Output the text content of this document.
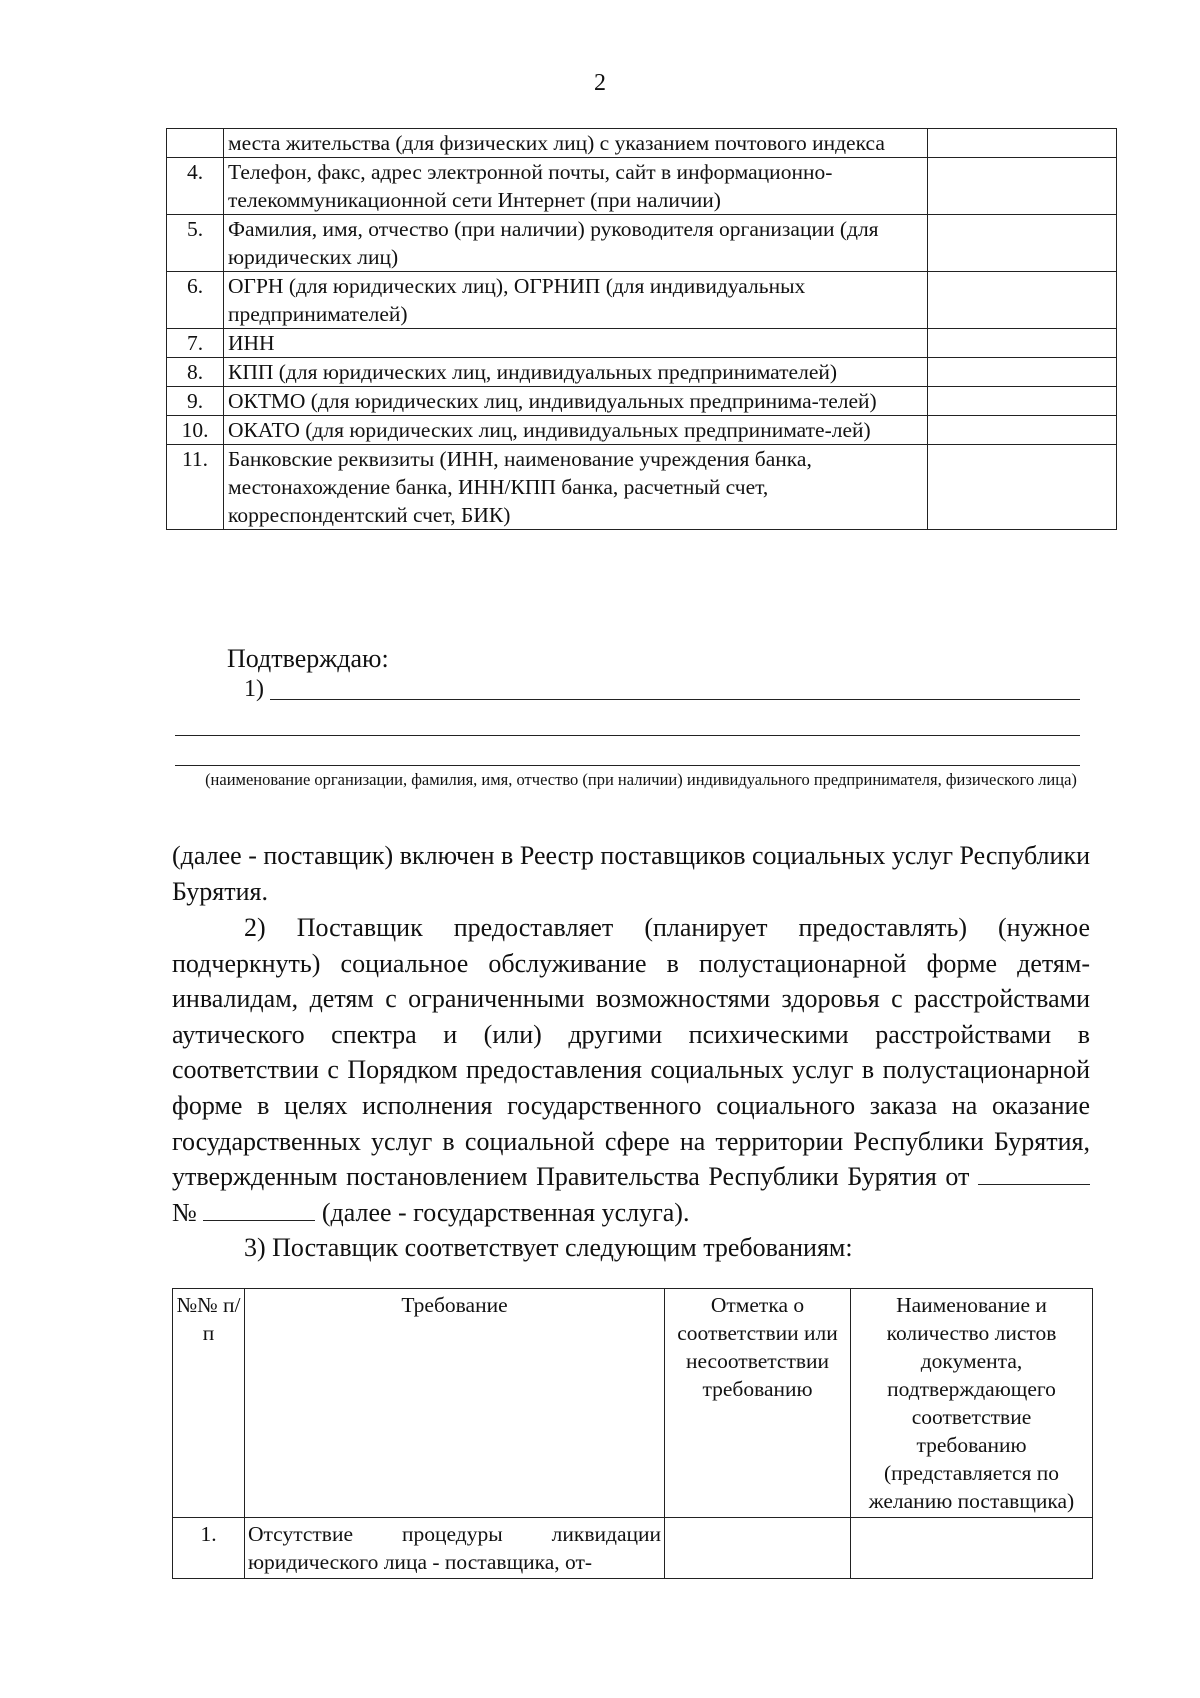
2
	места жительства (для физических лиц) с указанием почтового индекса	
4.	Телефон, факс, адрес электронной почты, сайт в информационно-телекоммуникационной сети Интернет (при наличии)	
5.	Фамилия, имя, отчество (при наличии) руководителя организации (для юридических лиц)	
6.	ОГРН (для юридических лиц), ОГРНИП (для индивидуальных предпринимателей)	
7.	ИНН	
8.	КПП (для юридических лиц, индивидуальных предпринимателей)	
9.	ОКТМО (для юридических лиц, индивидуальных предпринима-телей)	
10.	ОКАТО (для юридических лиц, индивидуальных предпринимате-лей)	
11.	Банковские реквизиты (ИНН, наименование учреждения банка, местонахождение банка, ИНН/КПП банка, расчетный счет, корреспондентский счет, БИК)	
Подтверждаю:
1)
(наименование организации, фамилия, имя, отчество (при наличии) индивидуального предпринимателя, физического лица)
(далее - поставщик) включен в Реестр поставщиков социальных услуг Республики Бурятия.
2) Поставщик предоставляет (планирует предоставлять) (нужное подчеркнуть) социальное обслуживание в полустационарной форме детям-инвалидам, детям с ограниченными возможностями здоровья с расстройствами аутического спектра и (или) другими психическими расстройствами в соответствии с Порядком предоставления социальных услуг в полустационарной форме в целях исполнения государственного социального заказа на оказание государственных услуг в социальной сфере на территории Республики Бурятия, утвержденным постановлением Правительства Республики Бурятия от  №	(далее - государственная услуга).
3) Поставщик соответствует следующим требованиям:
№№ п/п	Требование	Отметка о соответствии или несоответствии требованию	Наименование и количество листов документа, подтверждающего соответствие требованию (представляется по желанию поставщика)
1.	Отсутствие процедуры ликвидации юридического лица - поставщика, от-		
